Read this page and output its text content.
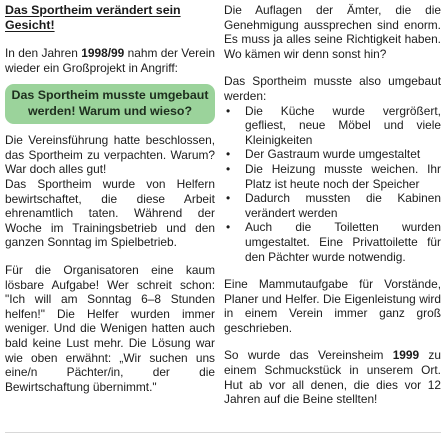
Das Sportheim verändert sein Gesicht!

In den Jahren 1998/99 nahm der Verein wieder ein Großprojekt in Angriff:

Das Sportheim musste umgebaut werden! Warum und wieso?

Die Vereinsführung hatte beschlossen, das Sportheim zu verpachten. Warum? War doch alles gut!

Das Sportheim wurde von Helfern bewirtschaftet, die diese Arbeit ehrenamtlich taten. Während der Woche im Trainingsbetrieb und den ganzen Sonntag im Spielbetrieb.

Für die Organisatoren eine kaum lösbare Aufgabe! Wer schreit schon: "Ich will am Sonntag 6–8 Stunden helfen!" Die Helfer wurden immer weniger. Und die Wenigen hatten auch bald keine Lust mehr. Die Lösung war wie oben erwähnt: „Wir suchen uns eine/n Pächter/in, der die Bewirtschaftung übernimmt."

Die Auflagen der Ämter, die die Genehmigung aussprechen sind enorm. Es muss ja alles seine Richtigkeit haben. Wo kämen wir denn sonst hin?

Das Sportheim musste also umgebaut werden:

• Die Küche wurde vergrößert, gefliest, neue Möbel und viele Kleinigkeiten
• Der Gastraum wurde umgestaltet
• Die Heizung musste weichen. Ihr Platz ist heute noch der Speicher
• Dadurch mussten die Kabinen verändert werden
• Auch die Toiletten wurden umgestaltet. Eine Privattoilette für den Pächter wurde notwendig.

Eine Mammutaufgabe für Vorstände, Planer und Helfer. Die Eigenleistung wird in einem Verein immer ganz groß geschrieben.

So wurde das Vereinsheim 1999 zu einem Schmuckstück in unserem Ort. Hut ab vor all denen, die dies vor 12 Jahren auf die Beine stellten!
